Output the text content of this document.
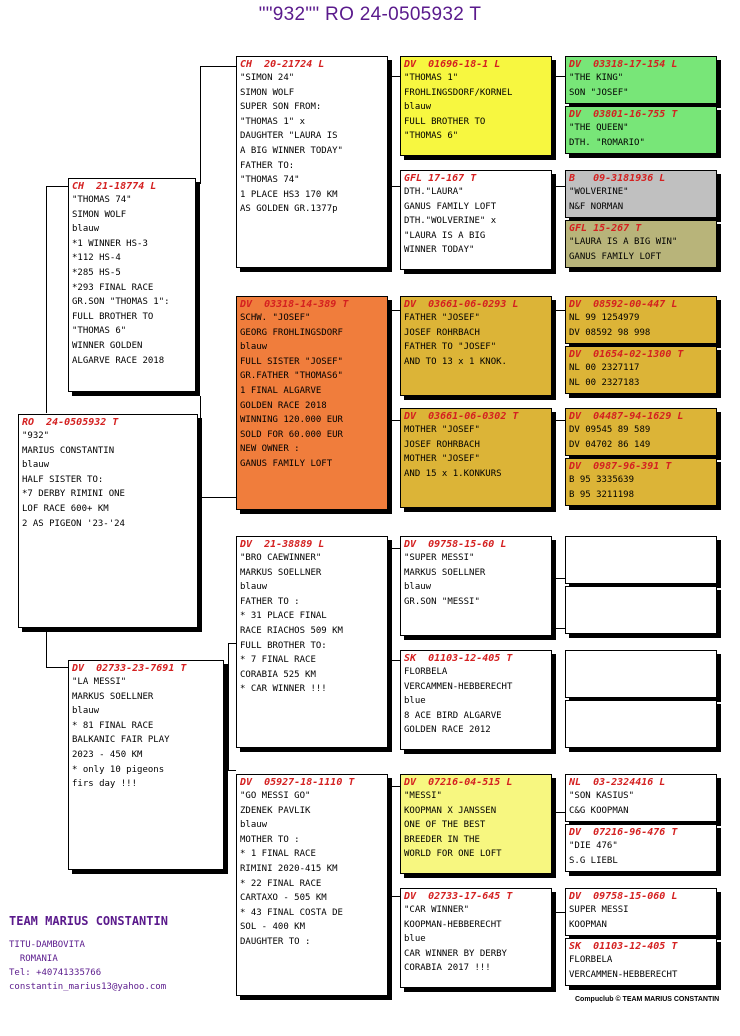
""932"" RO 24-0505932 T
RO  24-0505932 T
"932"
MARIUS CONSTANTIN
blauw
HALF SISTER TO:
*7 DERBY RIMINI ONE
LOF RACE 600+ KM
2 AS PIGEON '23-'24
CH  21-18774 L
"THOMAS 74"
SIMON WOLF
blauw
*1 WINNER HS-3
*112 HS-4
*285 HS-5
*293 FINAL RACE
GR.SON "THOMAS 1":
FULL BROTHER TO
"THOMAS 6"
WINNER GOLDEN
ALGARVE RACE 2018
DV  02733-23-7691 T
"LA MESSI"
MARKUS SOELLNER
blauw
* 81 FINAL RACE
BALKANIC FAIR PLAY
2023 - 450 KM
* only 10 pigeons
firs day !!!
CH  20-21724 L
"SIMON 24"
SIMON WOLF
SUPER SON FROM:
"THOMAS 1" x
DAUGHTER "LAURA IS
A BIG WINNER TODAY"
FATHER TO:
"THOMAS 74"
1 PLACE HS3 170 KM
AS GOLDEN GR.1377p
DV  03318-14-389 T
SCHW. "JOSEF"
GEORG FROHLINGSDORF
blauw
FULL SISTER "JOSEF"
GR.FATHER "THOMAS6"
1 FINAL ALGARVE
GOLDEN RACE 2018
WINNING 120.000 EUR
SOLD FOR 60.000 EUR
NEW OWNER :
GANUS FAMILY LOFT
DV  21-38889 L
"BRO CAEWINNER"
MARKUS SOELLNER
blauw
FATHER TO :
* 31 PLACE FINAL
RACE RIACHOS 509 KM
FULL BROTHER TO:
* 7 FINAL RACE
CORABIA 525 KM
* CAR WINNER !!!
DV  05927-18-1110 T
"GO MESSI GO"
ZDENEK PAVLIK
blauw
MOTHER TO :
* 1 FINAL RACE
RIMINI 2020-415 KM
* 22 FINAL RACE
CARTAXO - 505 KM
* 43 FINAL COSTA DE
SOL - 400 KM
DAUGHTER TO :
DV  01696-18-1 L
"THOMAS 1"
FROHLINGSDORF/KORNEL
blauw
FULL BROTHER TO
"THOMAS 6"
GFL 17-167 T
DTH."LAURA"
GANUS FAMILY LOFT
DTH."WOLVERINE" x
"LAURA IS A BIG
WINNER TODAY"
DV  03661-06-0293 L
FATHER "JOSEF"
JOSEF ROHRBACH
FATHER TO "JOSEF"
AND TO 13 x 1 KNOK.
DV  03661-06-0302 T
MOTHER "JOSEF"
JOSEF ROHRBACH
MOTHER "JOSEF"
AND 15 x 1.KONKURS
DV  09758-15-60 L
"SUPER MESSI"
MARKUS SOELLNER
blauw
GR.SON "MESSI"
SK  01103-12-405 T
FLORBELA
VERCAMMEN-HEBBERECHT
blue
8 ACE BIRD ALGARVE
GOLDEN RACE 2012
DV  07216-04-515 L
"MESSI"
KOOPMAN X JANSSEN
ONE OF THE BEST
BREEDER IN THE
WORLD FOR ONE LOFT
DV  02733-17-645 T
"CAR WINNER"
KOOPMAN-HEBBERECHT
blue
CAR WINNER BY DERBY
CORABIA 2017 !!!
DV  03318-17-154 L
"THE KING"
SON "JOSEF"
DV  03801-16-755 T
"THE QUEEN"
DTH. "ROMARIO"
B   09-3181936 L
"WOLVERINE"
N&F NORMAN
GFL 15-267 T
"LAURA IS A BIG WIN"
GANUS FAMILY LOFT
DV  08592-00-447 L
NL 99 1254979
DV 08592 98 998
DV  01654-02-1300 T
NL 00 2327117
NL 00 2327183
DV  04487-94-1629 L
DV 09545 89 589
DV 04702 86 149
DV  0987-96-391 T
B 95 3335639
B 95 3211198
NL  03-2324416 L
"SON KASIUS"
C&G KOOPMAN
DV  07216-96-476 T
"DIE 476"
S.G LIEBL
DV  09758-15-060 L
SUPER MESSI
KOOPMAN
SK  01103-12-405 T
FLORBELA
VERCAMMEN-HEBBERECHT
TEAM MARIUS CONSTANTIN
TITU-DAMBOVITA
ROMANIA
Tel: +40741335766
constantin_marius13@yahoo.com
Compuclub © TEAM MARIUS CONSTANTIN
